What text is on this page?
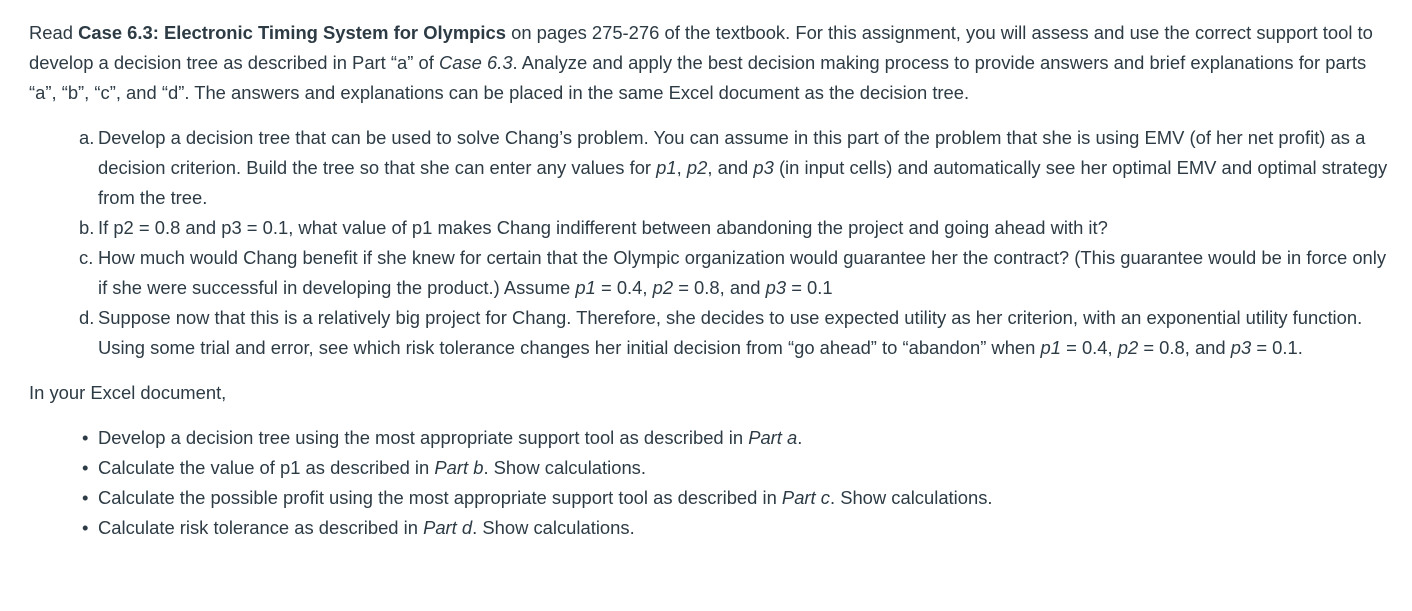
Read Case 6.3: Electronic Timing System for Olympics on pages 275-276 of the textbook. For this assignment, you will assess and use the correct support tool to develop a decision tree as described in Part “a” of Case 6.3. Analyze and apply the best decision making process to provide answers and brief explanations for parts “a”, “b”, “c”, and “d”. The answers and explanations can be placed in the same Excel document as the decision tree.

a. Develop a decision tree that can be used to solve Chang’s problem. You can assume in this part of the problem that she is using EMV (of her net profit) as a decision criterion. Build the tree so that she can enter any values for p1, p2, and p3 (in input cells) and automatically see her optimal EMV and optimal strategy from the tree.
b. If p2 = 0.8 and p3 = 0.1, what value of p1 makes Chang indifferent between abandoning the project and going ahead with it?
c. How much would Chang benefit if she knew for certain that the Olympic organization would guarantee her the contract? (This guarantee would be in force only if she were successful in developing the product.) Assume p1 = 0.4, p2 = 0.8, and p3 = 0.1
d. Suppose now that this is a relatively big project for Chang. Therefore, she decides to use expected utility as her criterion, with an exponential utility function. Using some trial and error, see which risk tolerance changes her initial decision from “go ahead” to “abandon” when p1 = 0.4, p2 = 0.8, and p3 = 0.1.

In your Excel document,

• Develop a decision tree using the most appropriate support tool as described in Part a.
• Calculate the value of p1 as described in Part b. Show calculations.
• Calculate the possible profit using the most appropriate support tool as described in Part c. Show calculations.
• Calculate risk tolerance as described in Part d. Show calculations.
